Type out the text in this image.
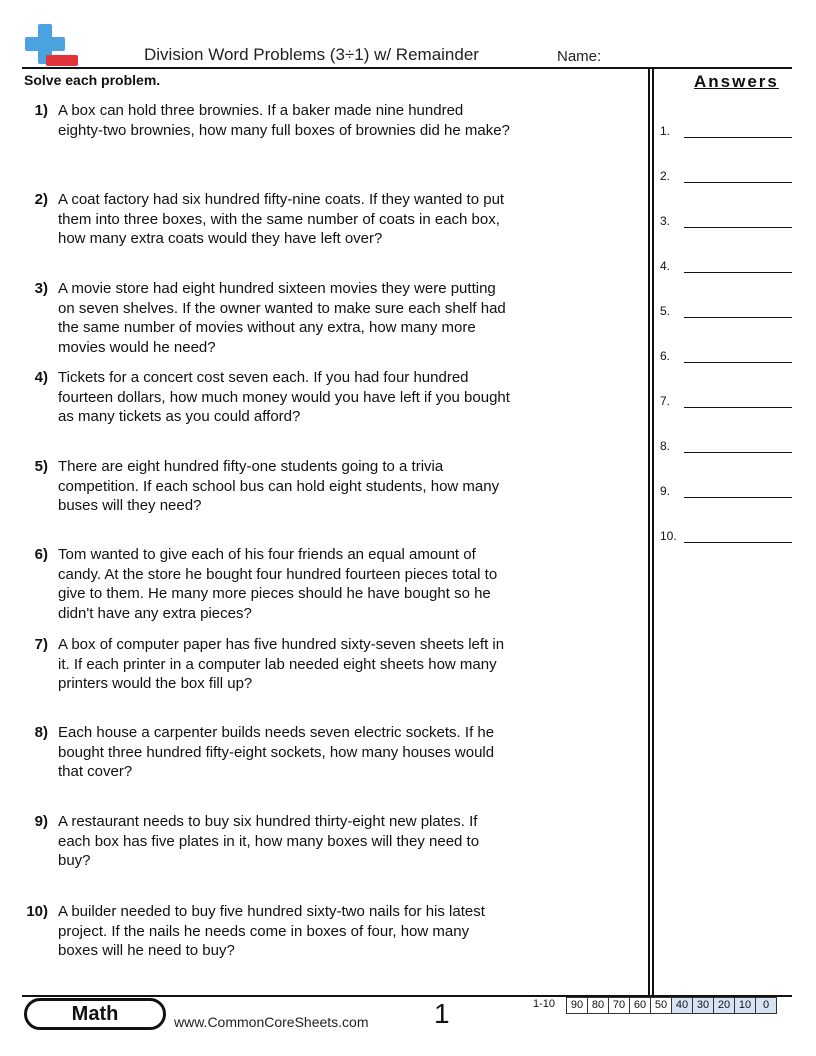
Division Word Problems (3÷1) w/ Remainder	Name:
Solve each problem.	Answers
1) A box can hold three brownies. If a baker made nine hundred eighty-two brownies, how many full boxes of brownies did he make?
2) A coat factory had six hundred fifty-nine coats. If they wanted to put them into three boxes, with the same number of coats in each box, how many extra coats would they have left over?
3) A movie store had eight hundred sixteen movies they were putting on seven shelves. If the owner wanted to make sure each shelf had the same number of movies without any extra, how many more movies would he need?
4) Tickets for a concert cost seven each. If you had four hundred fourteen dollars, how much money would you have left if you bought as many tickets as you could afford?
5) There are eight hundred fifty-one students going to a trivia competition. If each school bus can hold eight students, how many buses will they need?
6) Tom wanted to give each of his four friends an equal amount of candy. At the store he bought four hundred fourteen pieces total to give to them. He many more pieces should he have bought so he didn't have any extra pieces?
7) A box of computer paper has five hundred sixty-seven sheets left in it. If each printer in a computer lab needed eight sheets how many printers would the box fill up?
8) Each house a carpenter builds needs seven electric sockets. If he bought three hundred fifty-eight sockets, how many houses would that cover?
9) A restaurant needs to buy six hundred thirty-eight new plates. If each box has five plates in it, how many boxes will they need to buy?
10) A builder needed to buy five hundred sixty-two nails for his latest project. If the nails he needs come in boxes of four, how many boxes will he need to buy?
1.
2.
3.
4.
5.
6.
7.
8.
9.
10.
Math	www.CommonCoreSheets.com 1	1-10 90	80	70	60	50	40	30	20	10	0
